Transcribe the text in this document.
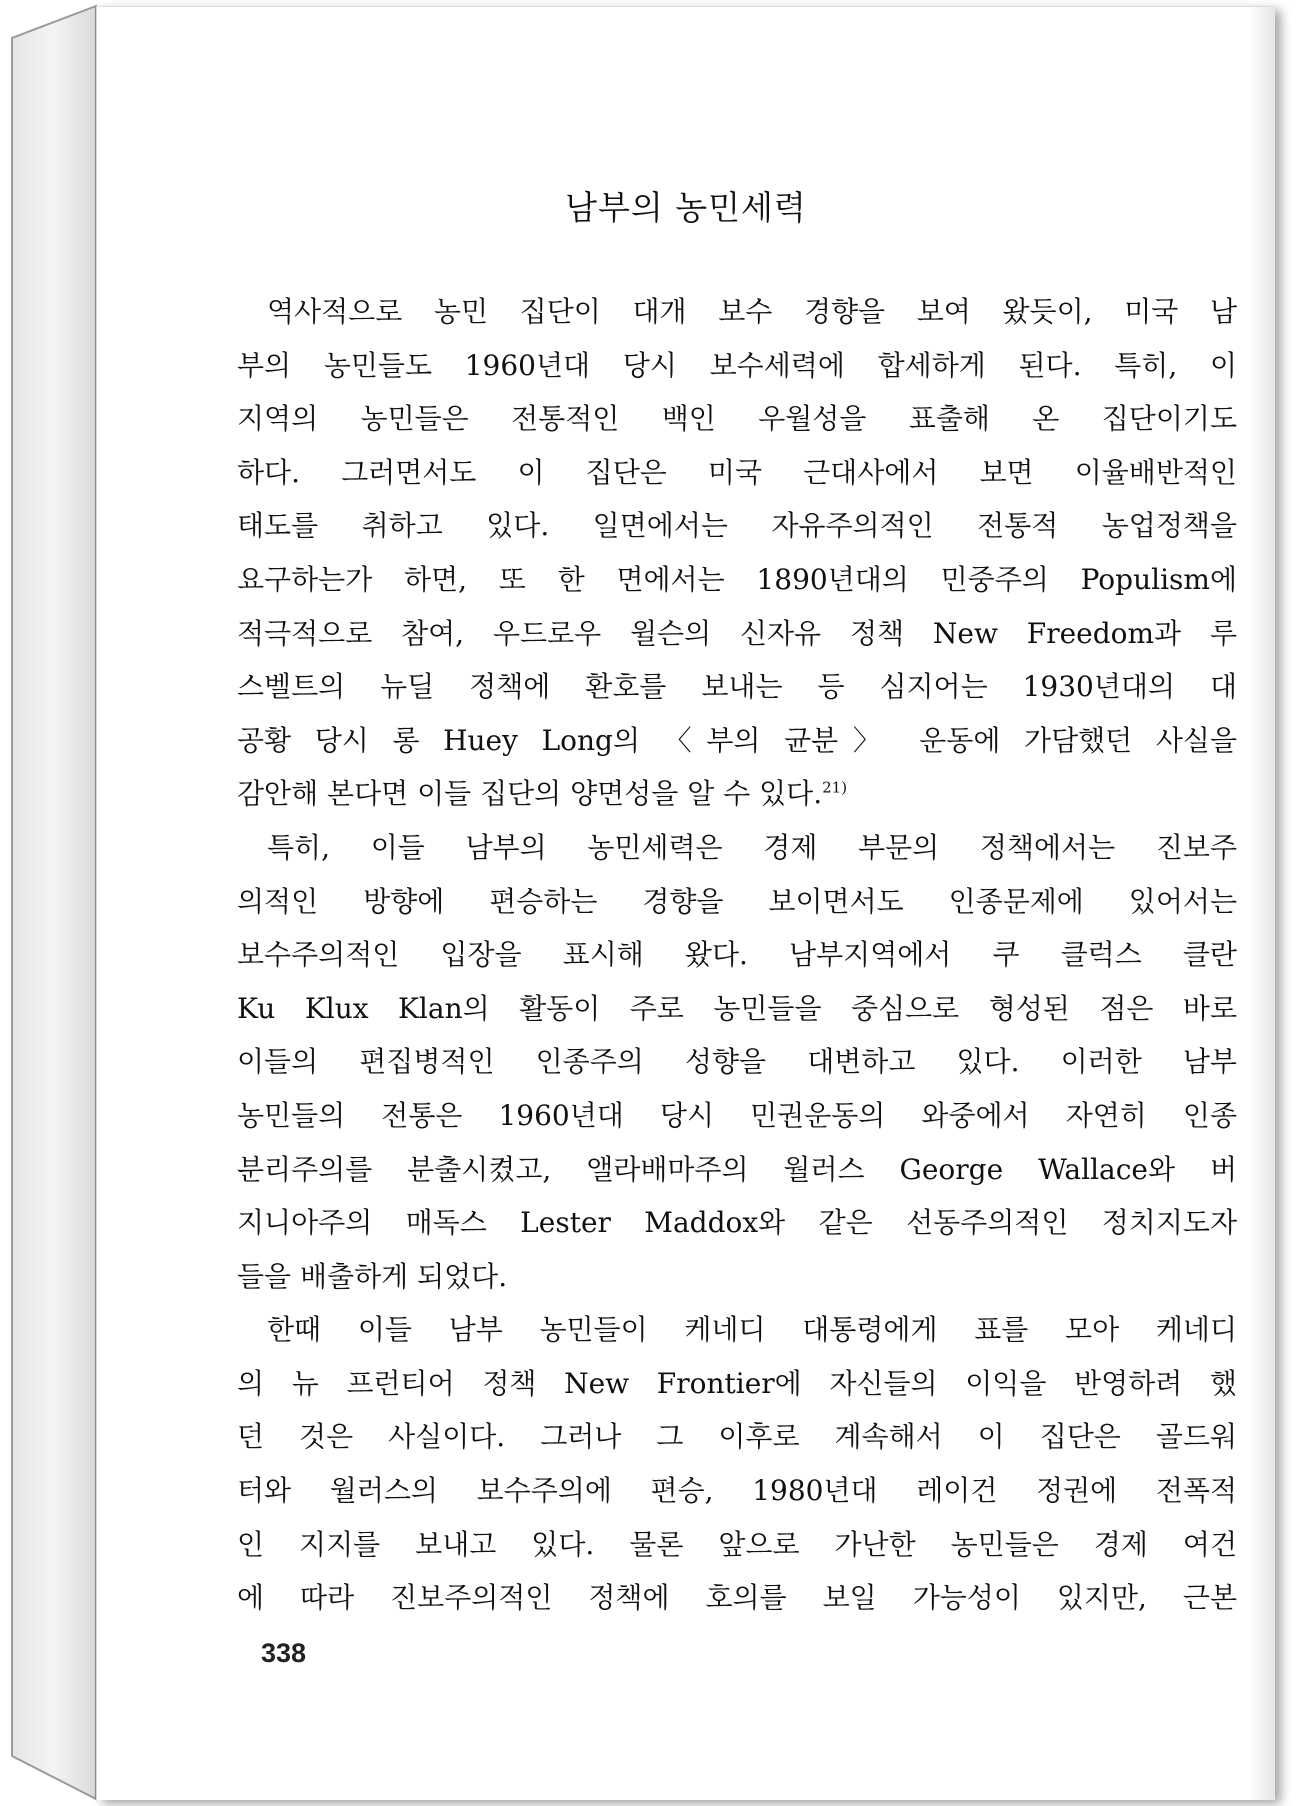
남부의 농민세력
역사적으로 농민 집단이 대개 보수 경향을 보여 왔듯이, 미국 남
부의 농민들도 1960년대 당시 보수세력에 합세하게 된다. 특히, 이
지역의 농민들은 전통적인 백인 우월성을 표출해 온 집단이기도
하다. 그러면서도 이 집단은 미국 근대사에서 보면 이율배반적인
태도를 취하고 있다. 일면에서는 자유주의적인 전통적 농업정책을
요구하는가 하면, 또 한 면에서는 1890년대의 민중주의 Populism에
적극적으로 참여, 우드로우 윌슨의 신자유 정책 New Freedom과 루
스벨트의 뉴딜 정책에 환호를 보내는 등 심지어는 1930년대의 대
공황 당시 롱 Huey Long의 〈부의 균분〉 운동에 가담했던 사실을
감안해 본다면 이들 집단의 양면성을 알 수 있다.$^{21)}$
특히, 이들 남부의 농민세력은 경제 부문의 정책에서는 진보주
의적인 방향에 편승하는 경향을 보이면서도 인종문제에 있어서는
보수주의적인 입장을 표시해 왔다. 남부지역에서 쿠 클럭스 클란
Ku Klux Klan의 활동이 주로 농민들을 중심으로 형성된 점은 바로
이들의 편집병적인 인종주의 성향을 대변하고 있다. 이러한 남부
농민들의 전통은 1960년대 당시 민권운동의 와중에서 자연히 인종
분리주의를 분출시켰고, 앨라배마주의 월러스 George Wallace와 버
지니아주의 매독스 Lester Maddox와 같은 선동주의적인 정치지도자
들을 배출하게 되었다.
한때 이들 남부 농민들이 케네디 대통령에게 표를 모아 케네디
의 뉴 프런티어 정책 New Frontier에 자신들의 이익을 반영하려 했
던 것은 사실이다. 그러나 그 이후로 계속해서 이 집단은 골드워
터와 월러스의 보수주의에 편승, 1980년대 레이건 정권에 전폭적
인 지지를 보내고 있다. 물론 앞으로 가난한 농민들은 경제 여건
에 따라 진보주의적인 정책에 호의를 보일 가능성이 있지만, 근본
338
